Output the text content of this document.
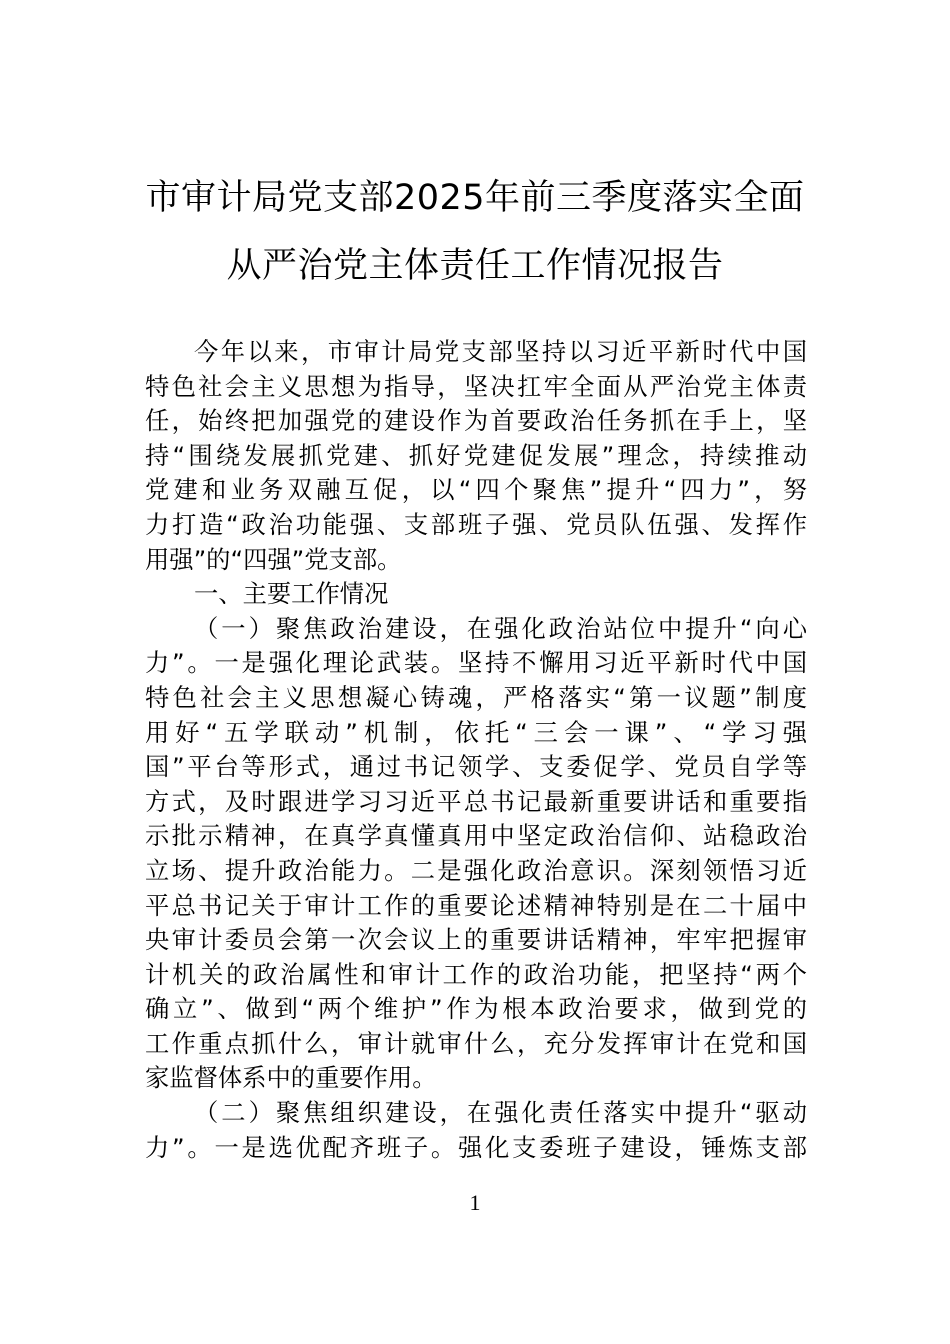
市审计局党支部2025年前三季度落实全面
从严治党主体责任工作情况报告
今年以来，市审计局党支部坚持以习近平新时代中国
特色社会主义思想为指导，坚决扛牢全面从严治党主体责
任，始终把加强党的建设作为首要政治任务抓在手上，坚
持“围绕发展抓党建、抓好党建促发展”理念，持续推动
党建和业务双融互促，以“四个聚焦”提升“四力”，努
力打造“政治功能强、支部班子强、党员队伍强、发挥作
用强”的“四强”党支部。
一、主要工作情况
（一）聚焦政治建设，在强化政治站位中提升“向心
力”。一是强化理论武装。坚持不懈用习近平新时代中国
特色社会主义思想凝心铸魂，严格落实“第一议题”制度
用好“五学联动”机制，依托“三会一课”、“学习强
国”平台等形式，通过书记领学、支委促学、党员自学等
方式，及时跟进学习习近平总书记最新重要讲话和重要指
示批示精神，在真学真懂真用中坚定政治信仰、站稳政治
立场、提升政治能力。二是强化政治意识。深刻领悟习近
平总书记关于审计工作的重要论述精神特别是在二十届中
央审计委员会第一次会议上的重要讲话精神，牢牢把握审
计机关的政治属性和审计工作的政治功能，把坚持“两个
确立”、做到“两个维护”作为根本政治要求，做到党的
工作重点抓什么，审计就审什么，充分发挥审计在党和国
家监督体系中的重要作用。
（二）聚焦组织建设，在强化责任落实中提升“驱动
力”。一是选优配齐班子。强化支委班子建设，锤炼支部
1
